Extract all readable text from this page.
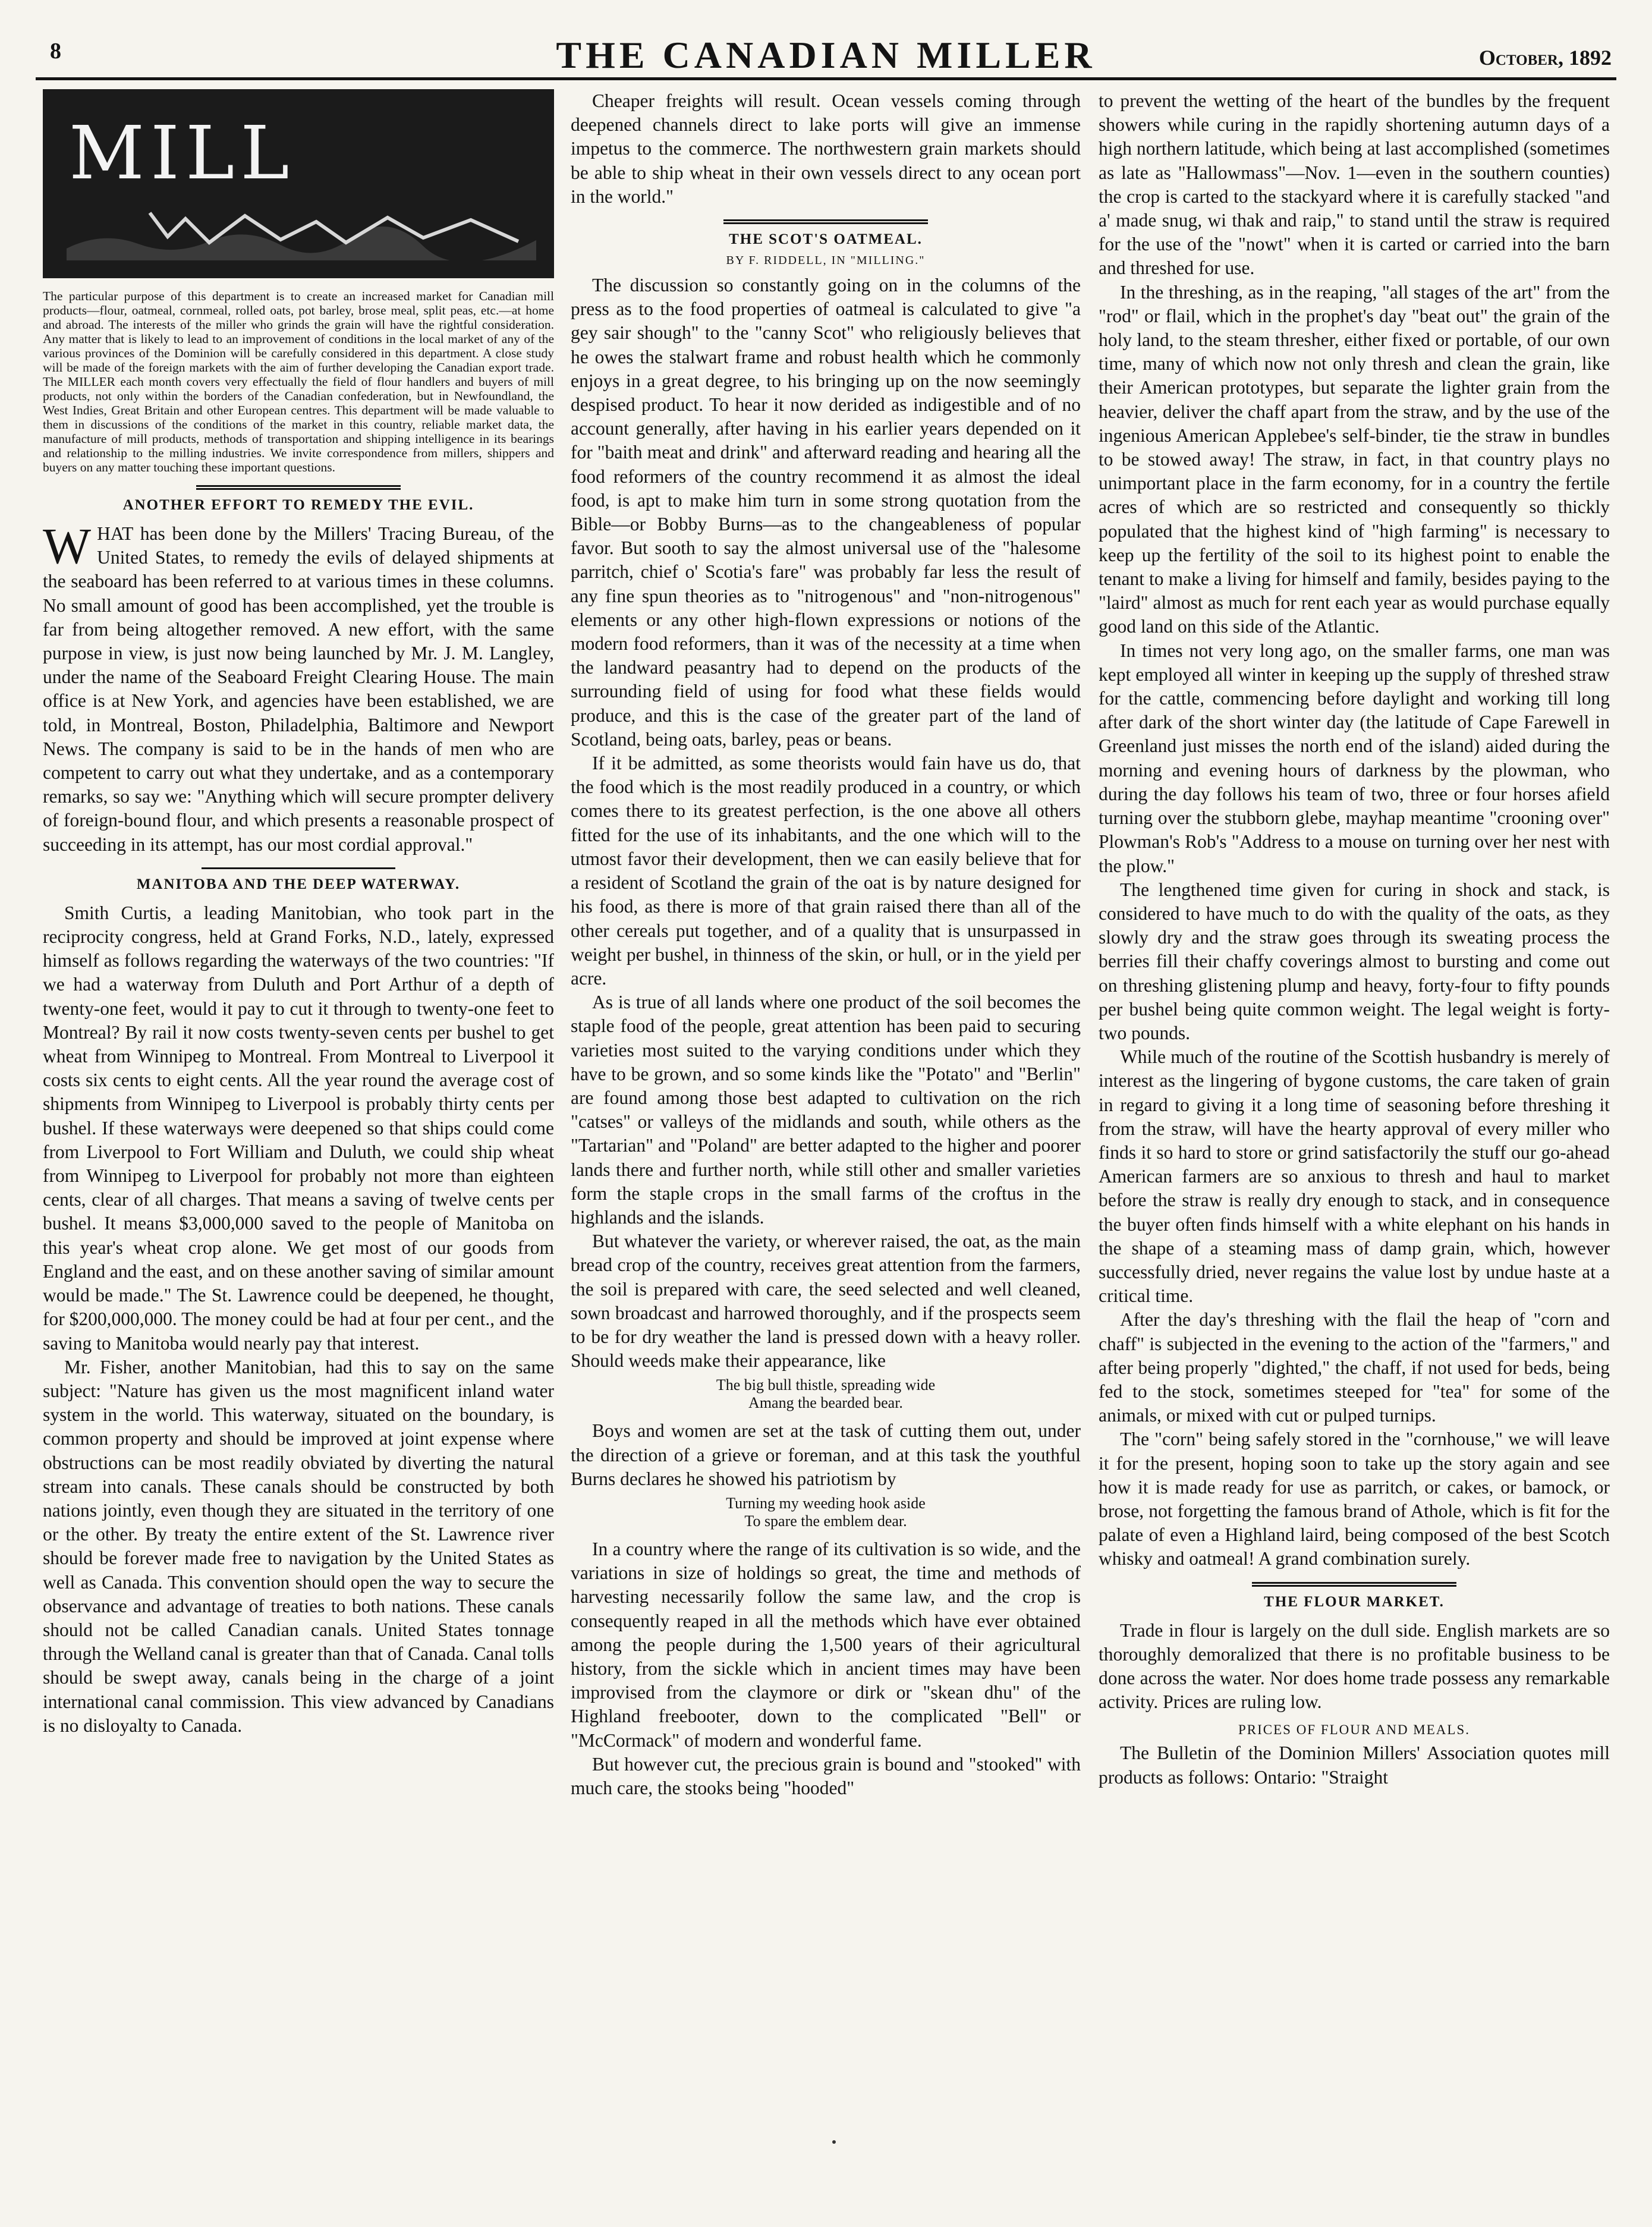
8	THE CANADIAN MILLER	October, 1892
MILL
The particular purpose of this department is to create an increased market for Canadian mill products—flour, oatmeal, cornmeal, rolled oats, pot barley, brose meal, split peas, etc.—at home and abroad. The interests of the miller who grinds the grain will have the rightful consideration. Any matter that is likely to lead to an improvement of conditions in the local market of any of the various provinces of the Dominion will be carefully considered in this department. A close study will be made of the foreign markets with the aim of further developing the Canadian export trade. The MILLER each month covers very effectually the field of flour handlers and buyers of mill products, not only within the borders of the Canadian confederation, but in Newfoundland, the West Indies, Great Britain and other European centres. This department will be made valuable to them in discussions of the conditions of the market in this country, reliable market data, the manufacture of mill products, methods of transportation and shipping intelligence in its bearings and relationship to the milling industries. We invite correspondence from millers, shippers and buyers on any matter touching these important questions.
ANOTHER EFFORT TO REMEDY THE EVIL.

WHAT has been done by the Millers' Tracing Bureau, of the United States, to remedy the evils of delayed shipments at the seaboard has been referred to at various times in these columns. No small amount of good has been accomplished, yet the trouble is far from being altogether removed. A new effort, with the same purpose in view, is just now being launched by Mr. J. M. Langley, under the name of the Seaboard Freight Clearing House. The main office is at New York, and agencies have been established, we are told, in Montreal, Boston, Philadelphia, Baltimore and Newport News. The company is said to be in the hands of men who are competent to carry out what they undertake, and as a contemporary remarks, so say we: "Anything which will secure prompter delivery of foreign-bound flour, and which presents a reasonable prospect of succeeding in its attempt, has our most cordial approval."

MANITOBA AND THE DEEP WATERWAY.

Smith Curtis, a leading Manitobian, who took part in the reciprocity congress, held at Grand Forks, N.D., lately, expressed himself as follows regarding the waterways of the two countries: "If we had a waterway from Duluth and Port Arthur of a depth of twenty-one feet, would it pay to cut it through to twenty-one feet to Montreal? By rail it now costs twenty-seven cents per bushel to get wheat from Winnipeg to Montreal. From Montreal to Liverpool it costs six cents to eight cents. All the year round the average cost of shipments from Winnipeg to Liverpool is probably thirty cents per bushel. If these waterways were deepened so that ships could come from Liverpool to Fort William and Duluth, we could ship wheat from Winnipeg to Liverpool for probably not more than eighteen cents, clear of all charges. That means a saving of twelve cents per bushel. It means $3,000,000 saved to the people of Manitoba on this year's wheat crop alone. We get most of our goods from England and the east, and on these another saving of similar amount would be made." The St. Lawrence could be deepened, he thought, for $200,000,000. The money could be had at four per cent., and the saving to Manitoba would nearly pay that interest.

Mr. Fisher, another Manitobian, had this to say on the same subject: "Nature has given us the most magnificent inland water system in the world. This waterway, situated on the boundary, is common property and should be improved at joint expense where obstructions can be most readily obviated by diverting the natural stream into canals. These canals should be constructed by both nations jointly, even though they are situated in the territory of one or the other. By treaty the entire extent of the St. Lawrence river should be forever made free to navigation by the United States as well as Canada. This convention should open the way to secure the observance and advantage of treaties to both nations. These canals should not be called Canadian canals. United States tonnage through the Welland canal is greater than that of Canada. Canal tolls should be swept away, canals being in the charge of a joint international canal commission. This view advanced by Canadians is no disloyalty to Canada.

Cheaper freights will result. Ocean vessels coming through deepened channels direct to lake ports will give an immense impetus to the commerce. The northwestern grain markets should be able to ship wheat in their own vessels direct to any ocean port in the world."

THE SCOT'S OATMEAL.
BY F. RIDDELL, IN "MILLING."

The discussion so constantly going on in the columns of the press as to the food properties of oatmeal is calculated to give "a gey sair shough" to the "canny Scot" who religiously believes that he owes the stalwart frame and robust health which he commonly enjoys in a great degree, to his bringing up on the now seemingly despised product. To hear it now derided as indigestible and of no account generally, after having in his earlier years depended on it for "baith meat and drink" and afterward reading and hearing all the food reformers of the country recommend it as almost the ideal food, is apt to make him turn in some strong quotation from the Bible—or Bobby Burns—as to the changeableness of popular favor. But sooth to say the almost universal use of the "halesome parritch, chief o' Scotia's fare" was probably far less the result of any fine spun theories as to "nitrogenous" and "non-nitrogenous" elements or any other high-flown expressions or notions of the modern food reformers, than it was of the necessity at a time when the landward peasantry had to depend on the products of the surrounding field of using for food what these fields would produce, and this is the case of the greater part of the land of Scotland, being oats, barley, peas or beans.

If it be admitted, as some theorists would fain have us do, that the food which is the most readily produced in a country, or which comes there to its greatest perfection, is the one above all others fitted for the use of its inhabitants, and the one which will to the utmost favor their development, then we can easily believe that for a resident of Scotland the grain of the oat is by nature designed for his food, as there is more of that grain raised there than all of the other cereals put together, and of a quality that is unsurpassed in weight per bushel, in thinness of the skin, or hull, or in the yield per acre.

As is true of all lands where one product of the soil becomes the staple food of the people, great attention has been paid to securing varieties most suited to the varying conditions under which they have to be grown, and so some kinds like the "Potato" and "Berlin" are found among those best adapted to cultivation on the rich "catses" or valleys of the midlands and south, while others as the "Tartarian" and "Poland" are better adapted to the higher and poorer lands there and further north, while still other and smaller varieties form the staple crops in the small farms of the croftus in the highlands and the islands.

But whatever the variety, or wherever raised, the oat, as the main bread crop of the country, receives great attention from the farmers, the soil is prepared with care, the seed selected and well cleaned, sown broadcast and harrowed thoroughly, and if the prospects seem to be for dry weather the land is pressed down with a heavy roller. Should weeds make their appearance, like

The big bull thistle, spreading wide
Amang the bearded bear.

Boys and women are set at the task of cutting them out, under the direction of a grieve or foreman, and at this task the youthful Burns declares he showed his patriotism by

Turning my weeding hook aside
To spare the emblem dear.

In a country where the range of its cultivation is so wide, and the variations in size of holdings so great, the time and methods of harvesting necessarily follow the same law, and the crop is consequently reaped in all the methods which have ever obtained among the people during the 1,500 years of their agricultural history, from the sickle which in ancient times may have been improvised from the claymore or dirk or "skean dhu" of the Highland freebooter, down to the complicated "Bell" or "McCormack" of modern and wonderful fame.

But however cut, the precious grain is bound and "stooked" with much care, the stooks being "hooded"

to prevent the wetting of the heart of the bundles by the frequent showers while curing in the rapidly shortening autumn days of a high northern latitude, which being at last accomplished (sometimes as late as "Hallowmass"—Nov. 1—even in the southern counties) the crop is carted to the stackyard where it is carefully stacked "and a' made snug, wi thak and raip," to stand until the straw is required for the use of the "nowt" when it is carted or carried into the barn and threshed for use.

In the threshing, as in the reaping, "all stages of the art" from the "rod" or flail, which in the prophet's day "beat out" the grain of the holy land, to the steam thresher, either fixed or portable, of our own time, many of which now not only thresh and clean the grain, like their American prototypes, but separate the lighter grain from the heavier, deliver the chaff apart from the straw, and by the use of the ingenious American Applebee's self-binder, tie the straw in bundles to be stowed away! The straw, in fact, in that country plays no unimportant place in the farm economy, for in a country the fertile acres of which are so restricted and consequently so thickly populated that the highest kind of "high farming" is necessary to keep up the fertility of the soil to its highest point to enable the tenant to make a living for himself and family, besides paying to the "laird" almost as much for rent each year as would purchase equally good land on this side of the Atlantic.

In times not very long ago, on the smaller farms, one man was kept employed all winter in keeping up the supply of threshed straw for the cattle, commencing before daylight and working till long after dark of the short winter day (the latitude of Cape Farewell in Greenland just misses the north end of the island) aided during the morning and evening hours of darkness by the plowman, who during the day follows his team of two, three or four horses afield turning over the stubborn glebe, mayhap meantime "crooning over" Plowman's Rob's "Address to a mouse on turning over her nest with the plow."

The lengthened time given for curing in shock and stack, is considered to have much to do with the quality of the oats, as they slowly dry and the straw goes through its sweating process the berries fill their chaffy coverings almost to bursting and come out on threshing glistening plump and heavy, forty-four to fifty pounds per bushel being quite common weight. The legal weight is forty-two pounds.

While much of the routine of the Scottish husbandry is merely of interest as the lingering of bygone customs, the care taken of grain in regard to giving it a long time of seasoning before threshing it from the straw, will have the hearty approval of every miller who finds it so hard to store or grind satisfactorily the stuff our go-ahead American farmers are so anxious to thresh and haul to market before the straw is really dry enough to stack, and in consequence the buyer often finds himself with a white elephant on his hands in the shape of a steaming mass of damp grain, which, however successfully dried, never regains the value lost by undue haste at a critical time.

After the day's threshing with the flail the heap of "corn and chaff" is subjected in the evening to the action of the "farmers," and after being properly "dighted," the chaff, if not used for beds, being fed to the stock, sometimes steeped for "tea" for some of the animals, or mixed with cut or pulped turnips.

The "corn" being safely stored in the "cornhouse," we will leave it for the present, hoping soon to take up the story again and see how it is made ready for use as parritch, or cakes, or bamock, or brose, not forgetting the famous brand of Athole, which is fit for the palate of even a Highland laird, being composed of the best Scotch whisky and oatmeal! A grand combination surely.

THE FLOUR MARKET.

Trade in flour is largely on the dull side. English markets are so thoroughly demoralized that there is no profitable business to be done across the water. Nor does home trade possess any remarkable activity. Prices are ruling low.

PRICES OF FLOUR AND MEALS.

The Bulletin of the Dominion Millers' Association quotes mill products as follows: Ontario: "Straight
